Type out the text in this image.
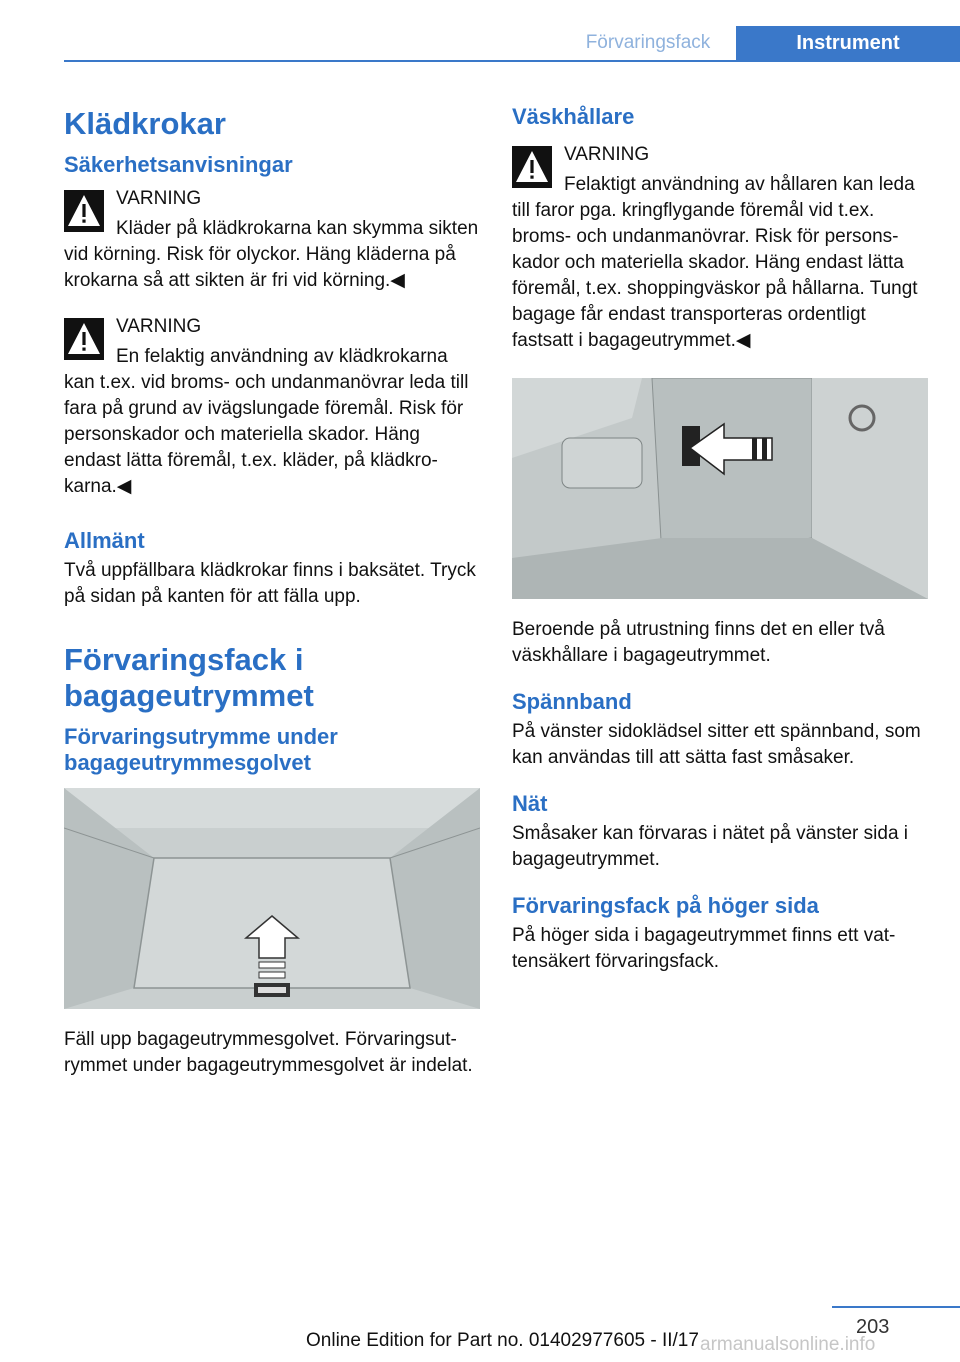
Förvaringsfack	Instrument
Klädkrokar
Säkerhetsanvisningar
VARNING

Kläder på klädkrokarna kan skymma sikten vid körning. Risk för olyckor. Häng kläderna på krokarna så att sikten är fri vid körning.◀

VARNING

En felaktig användning av klädkrokarna kan t.ex. vid broms- och undanmanövrar leda till fara på grund av ivägslungade föremål. Risk för personskador och materiella skador. Häng endast lätta föremål, t.ex. kläder, på klädkrokarna.◀

Allmänt

Två uppfällbara klädkrokar finns i baksätet. Tryck på sidan på kanten för att fälla upp.

Förvaringsfack i bagageutrymmet
Förvaringsutrymme under bagageutrymmesgolvet

Fäll upp bagageutrymmesgolvet. Förvaringsutrymmet under bagageutrymmesgolvet är indelat.

Väskhållare
VARNING

Felaktigt användning av hållaren kan leda till faror pga. kringflygande föremål vid t.ex. broms- och undanmanövrar. Risk för personskador och materiella skador. Häng endast lätta föremål, t.ex. shoppingväskor på hållarna. Tungt bagage får endast transporteras ordentligt fastsatt i bagageutrymmet.◀

Beroende på utrustning finns det en eller två väskhållare i bagageutrymmet.

Spännband

På vänster sidoklädsel sitter ett spännband, som kan användas till att sätta fast småsaker.

Nät

Småsaker kan förvaras i nätet på vänster sida i bagageutrymmet.

Förvaringsfack på höger sida

På höger sida i bagageutrymmet finns ett vattensäkert förvaringsfack.

203
Online Edition for Part no. 01402977605 - II/17 armanualsonline.info
